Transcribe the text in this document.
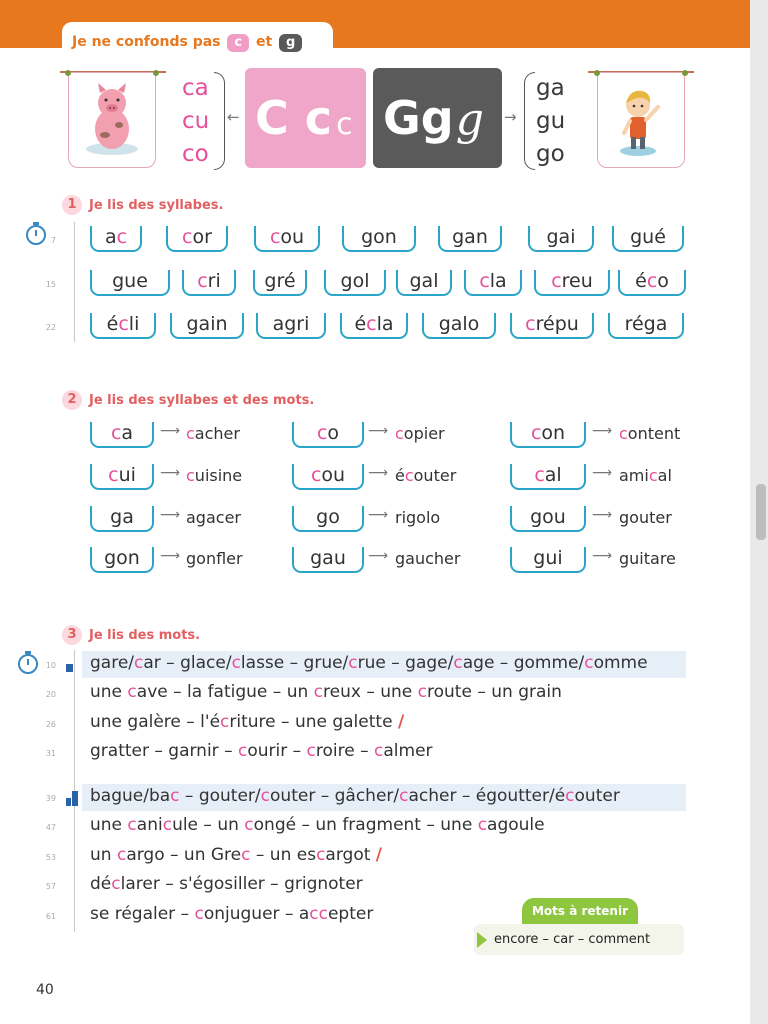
Je ne confonds pas c et g
ca
cu
co
← C c c Ggg	→
ga
gu
go
1 Je lis des syllabes.
7
15
22
ac	cor	cou	gon	gan	gai	gué
gue	cri	gré	gol	gal	cla	creu	éco
écli	gain	agri	écla	galo	crépu	réga
2 Je lis des syllabes et des mots.
ca	⟶ cacher	co	⟶ copier	con	⟶ content
cui	⟶ cuisine	cou	⟶ écouter	cal	⟶ amical
ga	⟶ agacer	go	⟶ rigolo	gou	⟶ gouter
gon	⟶ gonfler	gau	⟶ gaucher	gui	⟶ guitare
3 Je lis des mots.
gare/car – glace/classe – grue/crue – gage/cage – gomme/comme
10
une cave – la fatigue – un creux – une croute – un grain
20
une galère – l'écriture – une galette /
26
gratter – garnir – courir – croire – calmer
31
bague/bac – gouter/couter – gâcher/cacher – égoutter/écouter
39
une canicule – un congé – un fragment – une cagoule
47
un cargo – un Grec – un escargot /
53
déclarer – s'égosiller – grignoter
57
se régaler – conjuguer – accepter
61	Mots à retenir
encore – car – comment
40
